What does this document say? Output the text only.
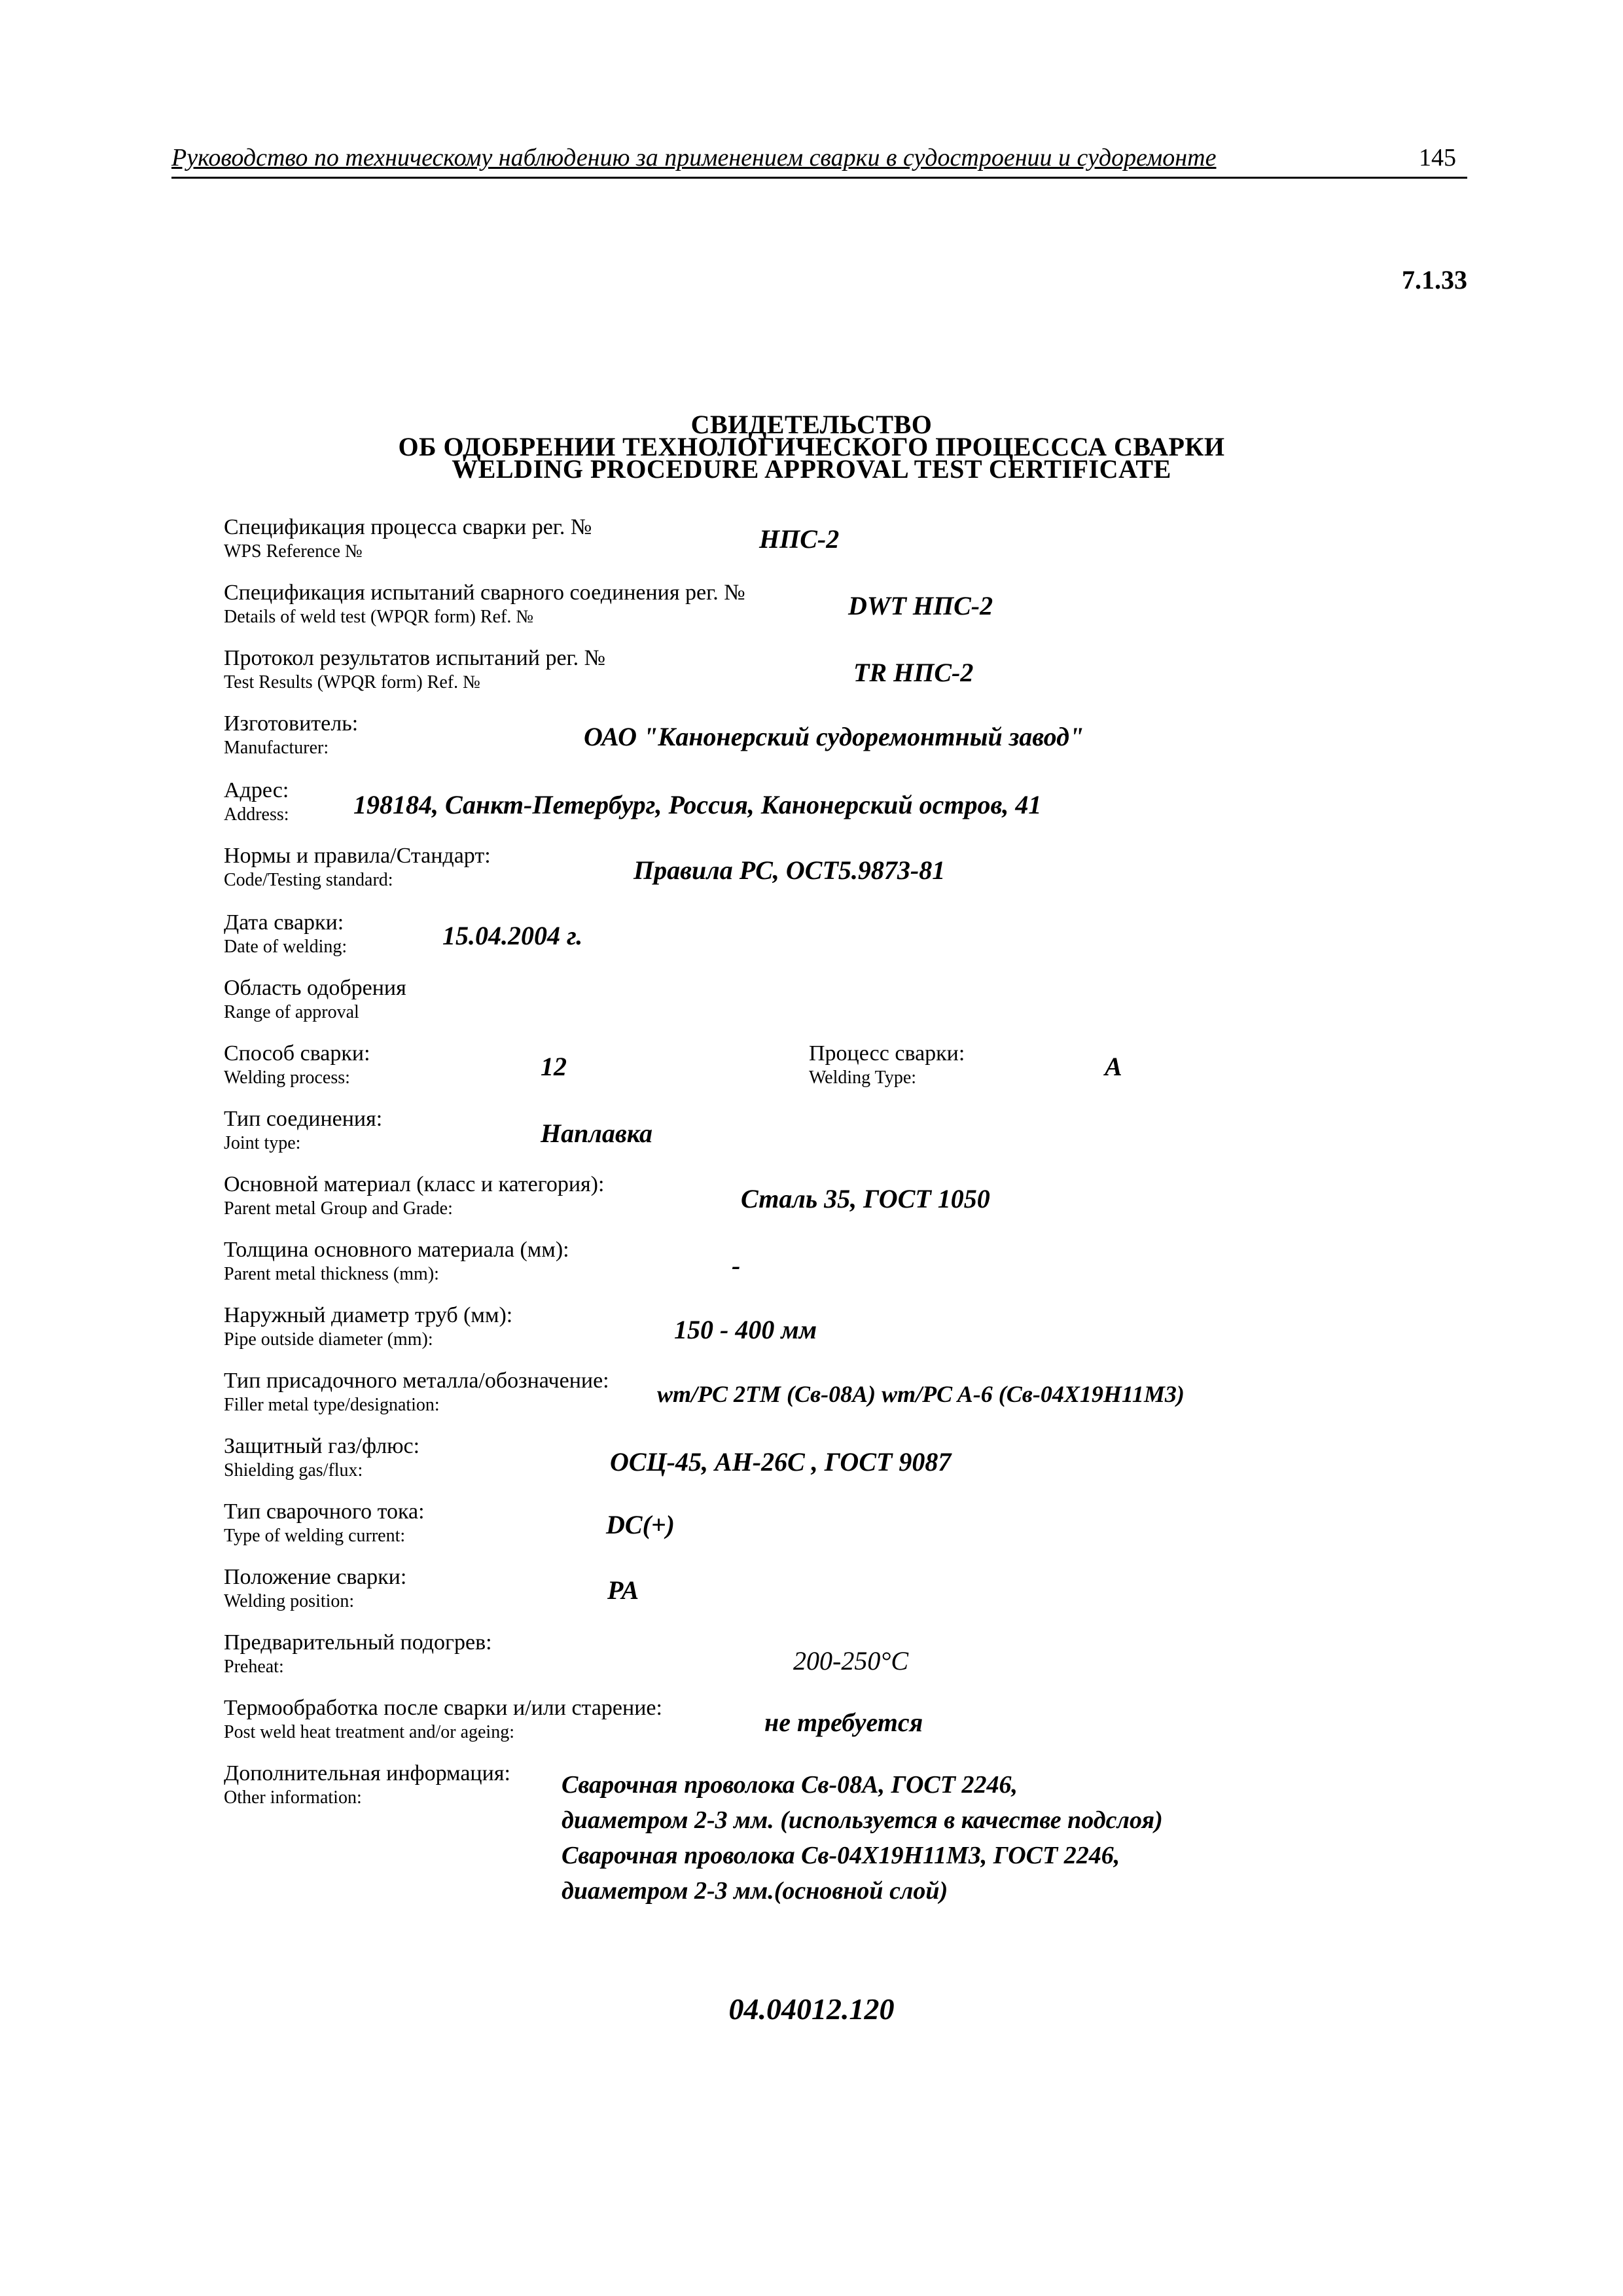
Руководство по техническому наблюдению за применением сварки в судостроении и судоремонте	145
7.1.33
СВИДЕТЕЛЬСТВО
ОБ ОДОБРЕНИИ ТЕХНОЛОГИЧЕСКОГО ПРОЦЕСССА СВАРКИ
WELDING PROCEDURE APPROVAL TEST CERTIFICATE
Спецификация процесса сварки рег. №
WPS Reference №	НПС-2
Спецификация испытаний сварного соединения рег. №
Details of weld test (WPQR form) Ref. №	DWT НПС-2
Протокол результатов испытаний рег. №
Test Results (WPQR form) Ref. №	TR НПС-2
Изготовитель:
Manufacturer:	ОАО "Канонерский судоремонтный завод"
Адрес:
Address: 198184, Санкт-Петербург, Россия, Канонерский остров, 41
Нормы и правила/Стандарт:
Code/Testing standard:	Правила РС, ОСТ5.9873-81
Дата сварки:
Date of welding:	15.04.2004 г.
Область одобрения
Range of approval
Способ сварки:
Welding process:	12	Процесс сварки:
Welding Type:	A
Тип соединения:
Joint type:	Наплавка
Основной материал (класс и категория):
Parent metal Group and Grade:	Сталь 35, ГОСТ 1050
Толщина основного материала (мм):
Parent metal thickness (mm):	-
Наружный диаметр труб (мм):
Pipe outside diameter (mm):	150 - 400 мм
Тип присадочного металла/обозначение:
Filler metal type/designation:	wm/PC 2ТМ (Св-08А) wm/PC A-6 (Св-04Х19Н11М3)
Защитный газ/флюс:
Shielding gas/flux:	ОСЦ-45, АН-26С , ГОСТ 9087
Тип сварочного тока:
Type of welding current:	DC(+)
Положение сварки:
Welding position:	PA
Предварительный подогрев:
Preheat:	200-250°С
Термообработка после сварки и/или старение:
Post weld heat treatment and/or ageing:	не требуется
Дополнительная информация:
Other information:	Сварочная проволока Св-08А, ГОСТ 2246,
диаметром 2-3 мм. (используется в качестве подслоя)
Сварочная проволока Св-04Х19Н11М3, ГОСТ 2246,
диаметром 2-3 мм.(основной слой)
04.04012.120
